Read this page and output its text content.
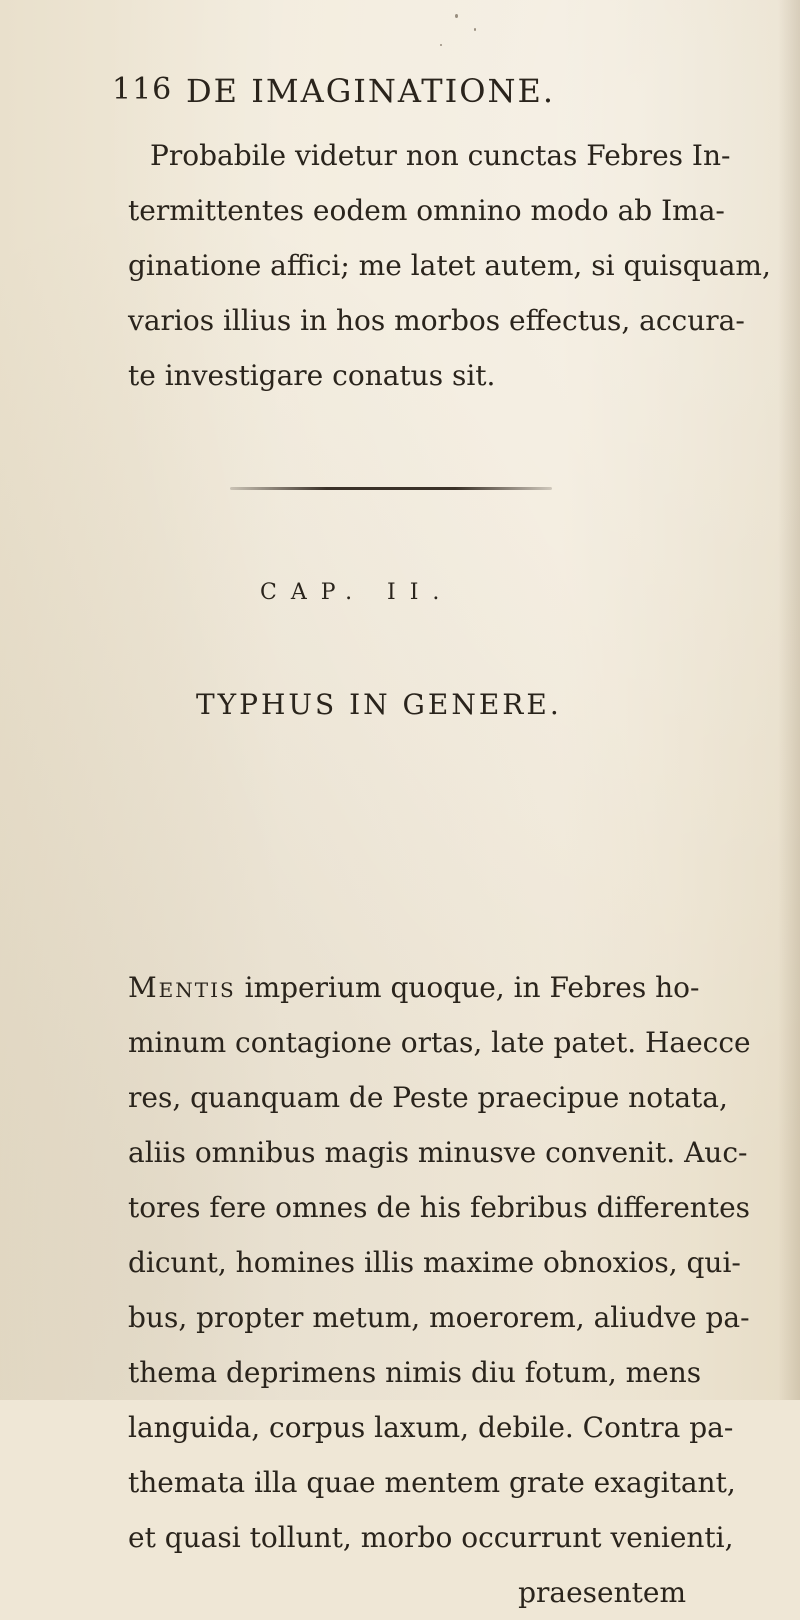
116 DE IMAGINATIONE.

Probabile videtur non cunctas Febres In-
termittentes eodem omnino modo ab Ima-
ginatione affici; me latet autem, si quisquam,
varios illius in hos morbos effectus, accura-
te investigare conatus sit.

CAP. II.
TYPHUS IN GENERE.

Mentis imperium quoque, in Febres ho-
minum contagione ortas, late patet. Haecce
res, quanquam de Peste praecipue notata,
aliis omnibus magis minusve convenit. Auc-
tores fere omnes de his febribus differentes
dicunt, homines illis maxime obnoxios, qui-
bus, propter metum, moerorem, aliudve pa-
thema deprimens nimis diu fotum, mens
languida, corpus laxum, debile. Contra pa-
themata illa quae mentem grate exagitant,
et quasi tollunt, morbo occurrunt venienti,
praesentem
